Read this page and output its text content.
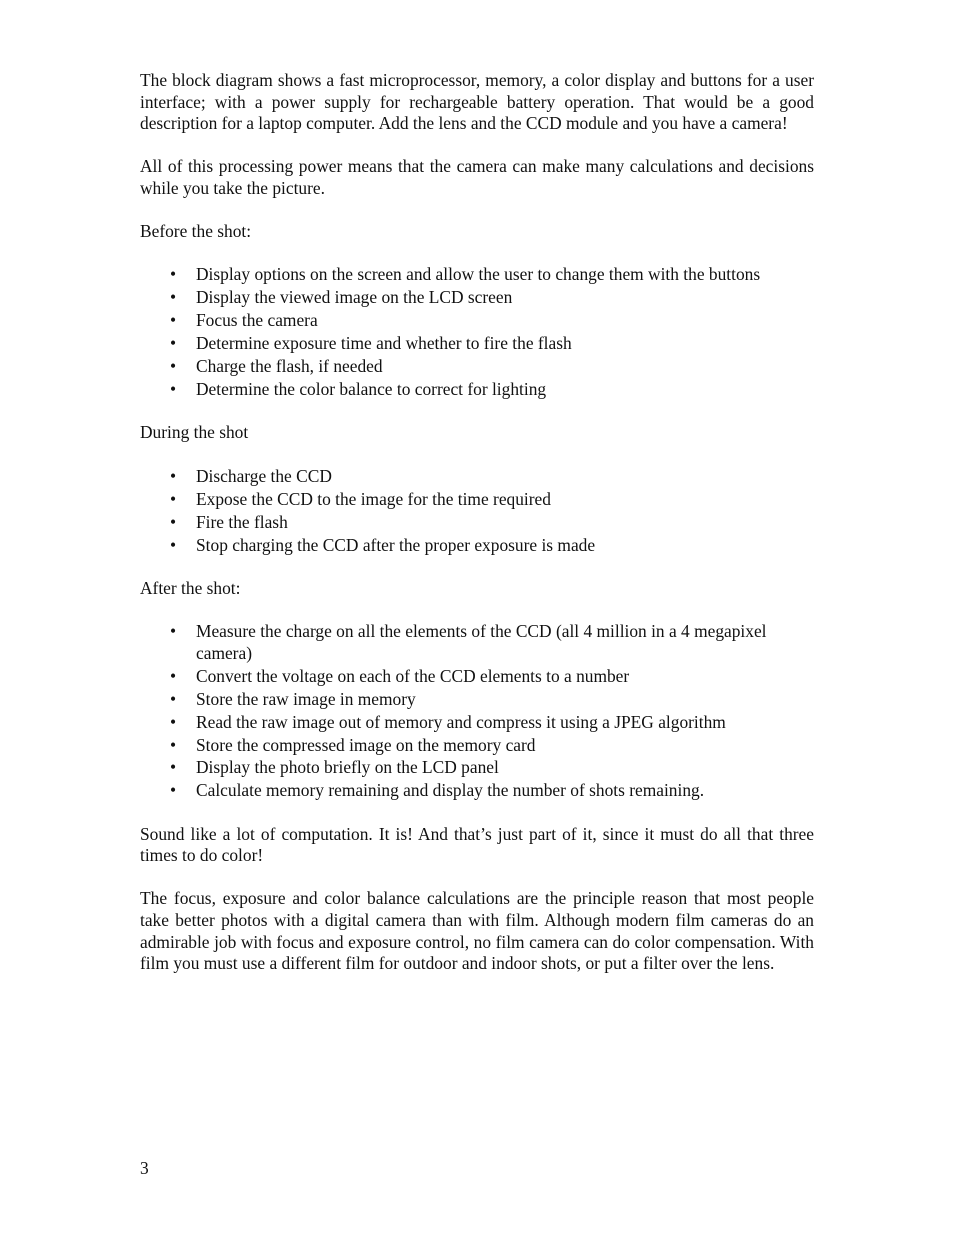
The block diagram shows a fast microprocessor, memory, a color display and buttons for a user interface; with a power supply for rechargeable battery operation. That would be a good description for a laptop computer. Add the lens and the CCD module and you have a camera!

All of this processing power means that the camera can make many calculations and decisions while you take the picture.

Before the shot:

• Display options on the screen and allow the user to change them with the buttons
• Display the viewed image on the LCD screen
• Focus the camera
• Determine exposure time and whether to fire the flash
• Charge the flash, if needed
• Determine the color balance to correct for lighting

During the shot

• Discharge the CCD
• Expose the CCD to the image for the time required
• Fire the flash
• Stop charging the CCD after the proper exposure is made

After the shot:

• Measure the charge on all the elements of the CCD (all 4 million in a 4 megapixel camera)
• Convert the voltage on each of the CCD elements to a number
• Store the raw image in memory
• Read the raw image out of memory and compress it using a JPEG algorithm
• Store the compressed image on the memory card
• Display the photo briefly on the LCD panel
• Calculate memory remaining and display the number of shots remaining.

Sound like a lot of computation. It is! And that’s just part of it, since it must do all that three times to do color!

The focus, exposure and color balance calculations are the principle reason that most people take better photos with a digital camera than with film. Although modern film cameras do an admirable job with focus and exposure control, no film camera can do color compensation. With film you must use a different film for outdoor and indoor shots, or put a filter over the lens.

3
